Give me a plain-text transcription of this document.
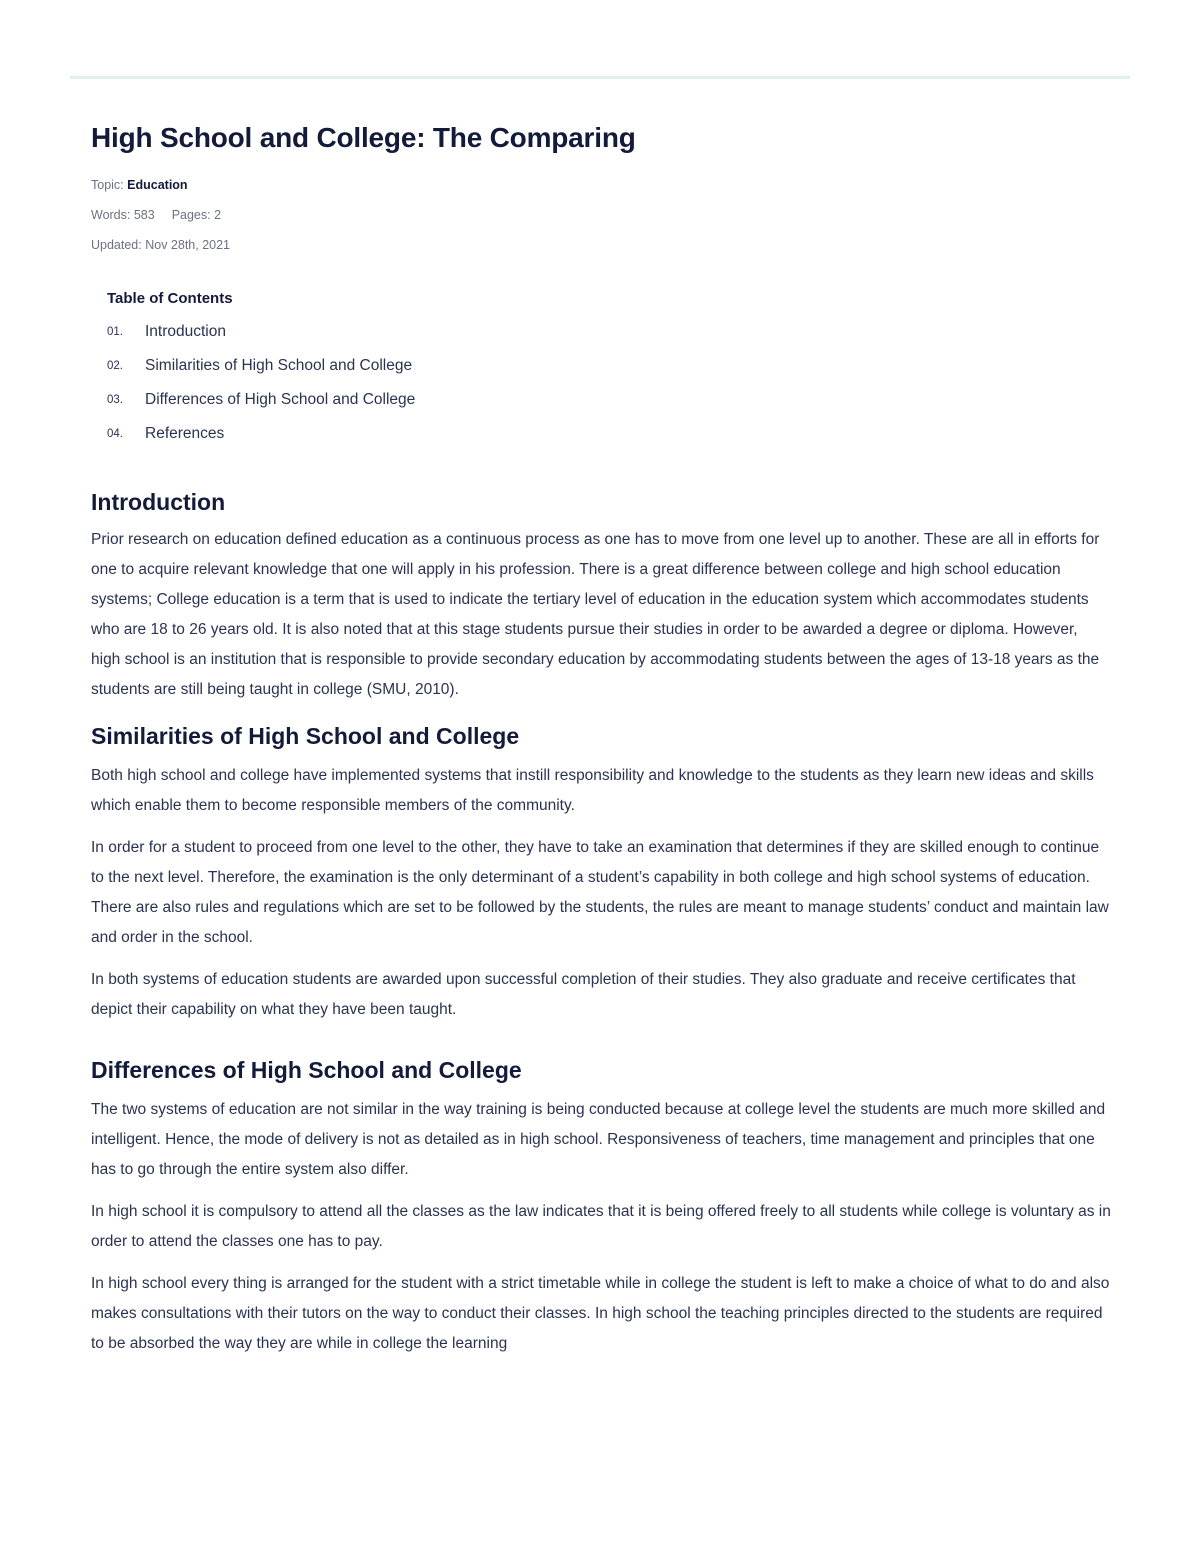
High School and College: The Comparing
Topic: Education
Words: 583 Pages: 2
Updated: Nov 28th, 2021
Table of Contents
01.	Introduction
02.	Similarities of High School and College
03.	Differences of High School and College
04.	References
Introduction

Prior research on education defined education as a continuous process as one has to move from one level up to another. These are all in efforts for one to acquire relevant knowledge that one will apply in his profession. There is a great difference between college and high school education systems; College education is a term that is used to indicate the tertiary level of education in the education system which accommodates students who are 18 to 26 years old. It is also noted that at this stage students pursue their studies in order to be awarded a degree or diploma. However, high school is an institution that is responsible to provide secondary education by accommodating students between the ages of 13-18 years as the students are still being taught in college (SMU, 2010).

Similarities of High School and College

Both high school and college have implemented systems that instill responsibility and knowledge to the students as they learn new ideas and skills which enable them to become responsible members of the community.

In order for a student to proceed from one level to the other, they have to take an examination that determines if they are skilled enough to continue to the next level. Therefore, the examination is the only determinant of a student’s capability in both college and high school systems of education. There are also rules and regulations which are set to be followed by the students, the rules are meant to manage students’ conduct and maintain law and order in the school.

In both systems of education students are awarded upon successful completion of their studies. They also graduate and receive certificates that depict their capability on what they have been taught.

Differences of High School and College

The two systems of education are not similar in the way training is being conducted because at college level the students are much more skilled and intelligent. Hence, the mode of delivery is not as detailed as in high school. Responsiveness of teachers, time management and principles that one has to go through the entire system also differ.

In high school it is compulsory to attend all the classes as the law indicates that it is being offered freely to all students while college is voluntary as in order to attend the classes one has to pay.

In high school every thing is arranged for the student with a strict timetable while in college the student is left to make a choice of what to do and also makes consultations with their tutors on the way to conduct their classes. In high school the teaching principles directed to the students are required to be absorbed the way they are while in college the learning
